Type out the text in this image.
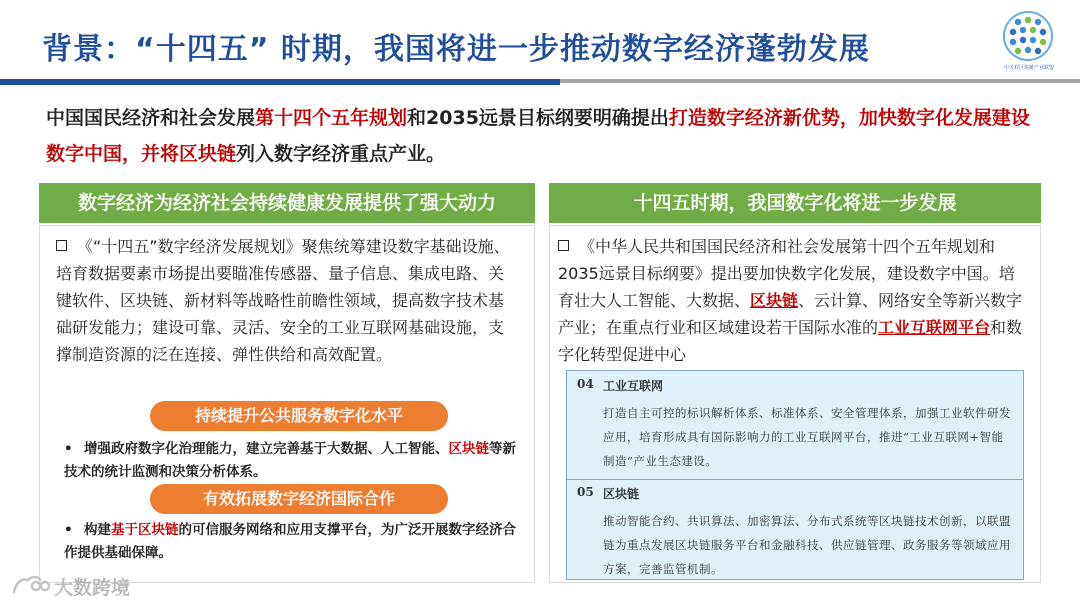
背景：“十四五” 时期，我国将进一步推动数字经济蓬勃发展
中关村区块链产业联盟
中国国民经济和社会发展第十四个五年规划和2035远景目标纲要明确提出打造数字经济新优势，加快数字化发展建设数字中国，并将区块链列入数字经济重点产业。
数字经济为经济社会持续健康发展提供了强大动力	十四五时期，我国数字化将进一步发展
《“十四五”数字经济发展规划》聚焦统筹建设数字基础设施、培育数据要素市场提出要瞄准传感器、量子信息、集成电路、关键软件、区块链、新材料等战略性前瞻性领域，提高数字技术基础研发能力；建设可靠、灵活、安全的工业互联网基础设施，支撑制造资源的泛在连接、弹性供给和高效配置。
持续提升公共服务数字化水平
• 增强政府数字化治理能力，建立完善基于大数据、人工智能、区块链等新技术的统计监测和决策分析体系。
有效拓展数字经济国际合作
• 构建基于区块链的可信服务网络和应用支撑平台，为广泛开展数字经济合作提供基础保障。
《中华人民共和国国民经济和社会发展第十四个五年规划和2035远景目标纲要》提出要加快数字化发展，建设数字中国。培育壮大人工智能、大数据、区块链、云计算、网络安全等新兴数字产业；在重点行业和区域建设若干国际水准的工业互联网平台和数字化转型促进中心
04 工业互联网
打造自主可控的标识解析体系、标准体系、安全管理体系，加强工业软件研发应用，培育形成具有国际影响力的工业互联网平台，推进“工业互联网+智能制造”产业生态建设。
05 区块链
推动智能合约、共识算法、加密算法、分布式系统等区块链技术创新，以联盟链为重点发展区块链服务平台和金融科技、供应链管理、政务服务等领域应用方案，完善监管机制。
大数跨境
